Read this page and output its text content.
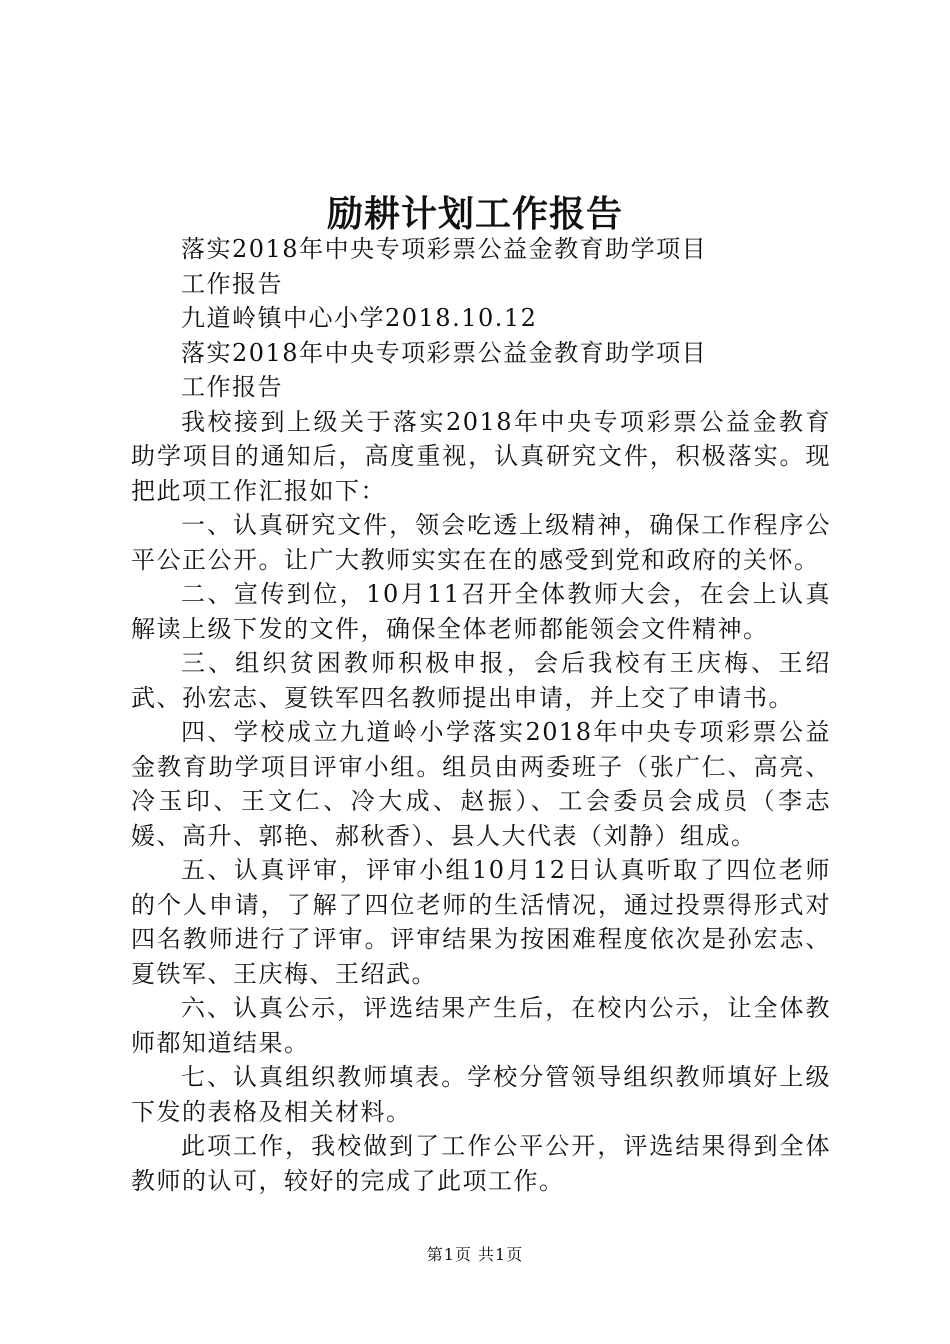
励耕计划工作报告

落实2018年中央专项彩票公益金教育助学项目

工作报告

九道岭镇中心小学2018.10.12

落实2018年中央专项彩票公益金教育助学项目

工作报告

我校接到上级关于落实2018年中央专项彩票公益金教育助学项目的通知后，高度重视，认真研究文件，积极落实。现把此项工作汇报如下：

一、认真研究文件，领会吃透上级精神，确保工作程序公平公正公开。让广大教师实实在在的感受到党和政府的关怀。

二、宣传到位，10月11召开全体教师大会，在会上认真解读上级下发的文件，确保全体老师都能领会文件精神。

三、组织贫困教师积极申报，会后我校有王庆梅、王绍武、孙宏志、夏铁军四名教师提出申请，并上交了申请书。

四、学校成立九道岭小学落实2018年中央专项彩票公益金教育助学项目评审小组。组员由两委班子（张广仁、高亮、冷玉印、王文仁、冷大成、赵振）、工会委员会成员（李志媛、高升、郭艳、郝秋香）、县人大代表（刘静）组成。

五、认真评审，评审小组10月12日认真听取了四位老师的个人申请，了解了四位老师的生活情况，通过投票得形式对四名教师进行了评审。评审结果为按困难程度依次是孙宏志、夏铁军、王庆梅、王绍武。

六、认真公示，评选结果产生后，在校内公示，让全体教师都知道结果。

七、认真组织教师填表。学校分管领导组织教师填好上级下发的表格及相关材料。

此项工作，我校做到了工作公平公开，评选结果得到全体教师的认可，较好的完成了此项工作。

第1页 共1页
